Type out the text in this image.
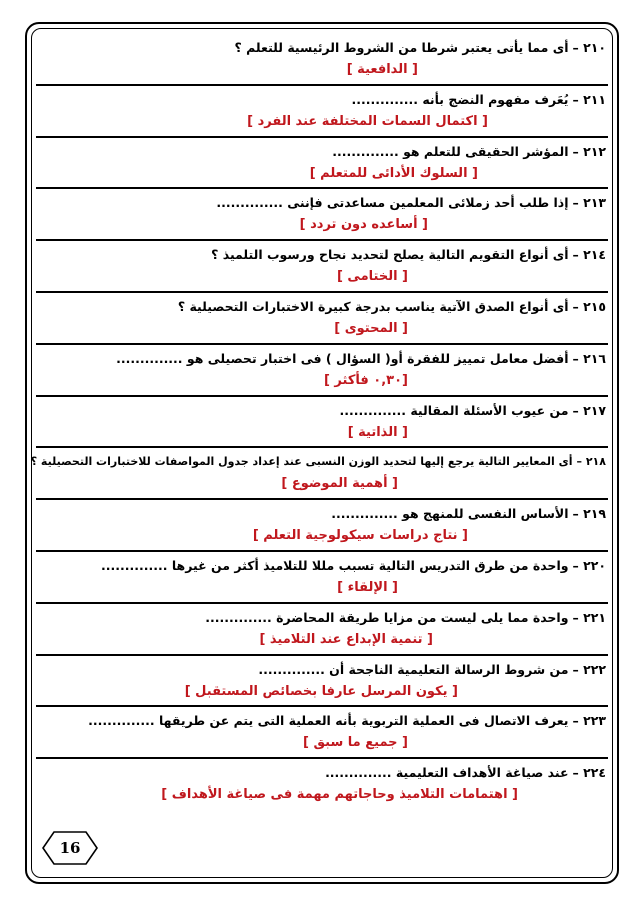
٢١٠ –
أى مما يأتى يعتبر شرطا من الشروط الرئيسية للتعلم ؟
[ الدافعية ]
٢١١ –
يُعَرف مفهوم النضج بأنه ..............
[ اكتمال السمات المختلفة عند الفرد ]
٢١٢ –
المؤشر الحقيقى للتعلم هو ..............
[ السلوك الأدائى للمتعلم ]
٢١٣ –
إذا طلب أحد زملائى المعلمين مساعدتى فإننى ..............
[ أساعده دون تردد ]
٢١٤ –
أى أنواع التقويم التالية يصلح لتحديد نجاح ورسوب التلميذ ؟
[ الختامى ]
٢١٥ –
أى أنواع الصدق الآتية يناسب بدرجة كبيرة الاختبارات التحصيلية ؟
[ المحتوى ]
٢١٦ –
أفضل معامل تمييز للفقرة أو( السؤال ) فى اختبار تحصيلى هو ..............
[٠,٣٠ فأكثر ]
٢١٧ –
من عيوب الأسئلة المقالية ..............
[ الذاتية ]
٢١٨ –
أى المعايير التالية يرجع إليها لتحديد الوزن النسبى عند إعداد جدول المواصفات للاختبارات التحصيلية ؟
[ أهمية الموضوع ]
٢١٩ –
الأساس النفسى للمنهج هو ..............
[ نتاج دراسات سيكولوجية التعلم ]
٢٢٠ –
واحدة من طرق التدريس التالية تسبب مللا للتلاميذ أكثر من غيرها ..............
[ الإلقاء ]
٢٢١ –
واحدة مما يلى ليست من مزايا طريقة المحاضرة ..............
[ تنمية الإبداع عند التلاميذ ]
٢٢٢ –
من شروط الرسالة التعليمية الناجحة أن ..............
[ يكون المرسل عارفا بخصائص المستقبل ]
٢٢٣ –
يعرف الاتصال فى العملية التربوية بأنه العملية التى يتم عن طريقها ..............
[ جميع ما سبق ]
٢٢٤ –
عند صياغة الأهداف التعليمية ..............
[ اهتمامات التلاميذ وحاجاتهم مهمة فى صياغة الأهداف ]
16
